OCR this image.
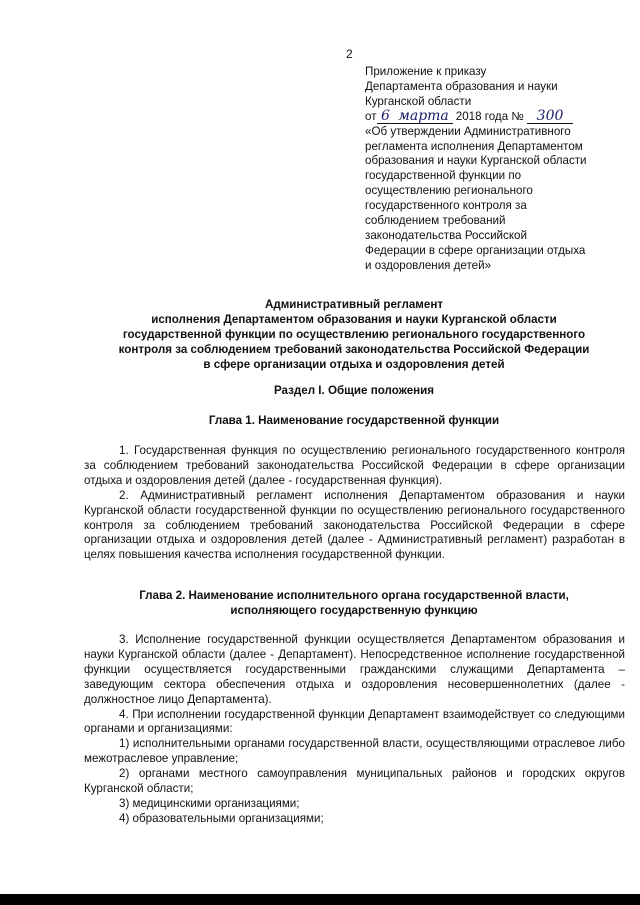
2
Приложение к приказу
Департамента образования и науки
Курганской области
от 6 марта 2018 года № 300
«Об утверждении Административного
регламента исполнения Департаментом
образования и науки Курганской области
государственной функции по
осуществлению регионального
государственного контроля за
соблюдением требований
законодательства Российской
Федерации в сфере организации отдыха
и оздоровления детей»
Административный регламент
исполнения Департаментом образования и науки Курганской области
государственной функции по осуществлению регионального государственного
контроля за соблюдением требований законодательства Российской Федерации
в сфере организации отдыха и оздоровления детей
Раздел I. Общие положения
Глава 1. Наименование государственной функции

1. Государственная функция по осуществлению регионального государственного контроля за соблюдением требований законодательства Российской Федерации в сфере организации отдыха и оздоровления детей (далее - государственная функция).

2. Административный регламент исполнения Департаментом образования и науки Курганской области государственной функции по осуществлению регионального государственного контроля за соблюдением требований законодательства Российской Федерации в сфере организации отдыха и оздоровления детей (далее - Административный регламент) разработан в целях повышения качества исполнения государственной функции.

Глава 2. Наименование исполнительного органа государственной власти,
исполняющего государственную функцию

3. Исполнение государственной функции осуществляется Департаментом образования и науки Курганской области (далее - Департамент). Непосредственное исполнение государственной функции осуществляется государственными гражданскими служащими Департамента – заведующим сектора обеспечения отдыха и оздоровления несовершеннолетних (далее - должностное лицо Департамента).

4. При исполнении государственной функции Департамент взаимодействует со следующими органами и организациями:

1) исполнительными органами государственной власти, осуществляющими отраслевое либо межотраслевое управление;

2) органами местного самоуправления муниципальных районов и городских округов Курганской области;

3) медицинскими организациями;

4) образовательными организациями;
